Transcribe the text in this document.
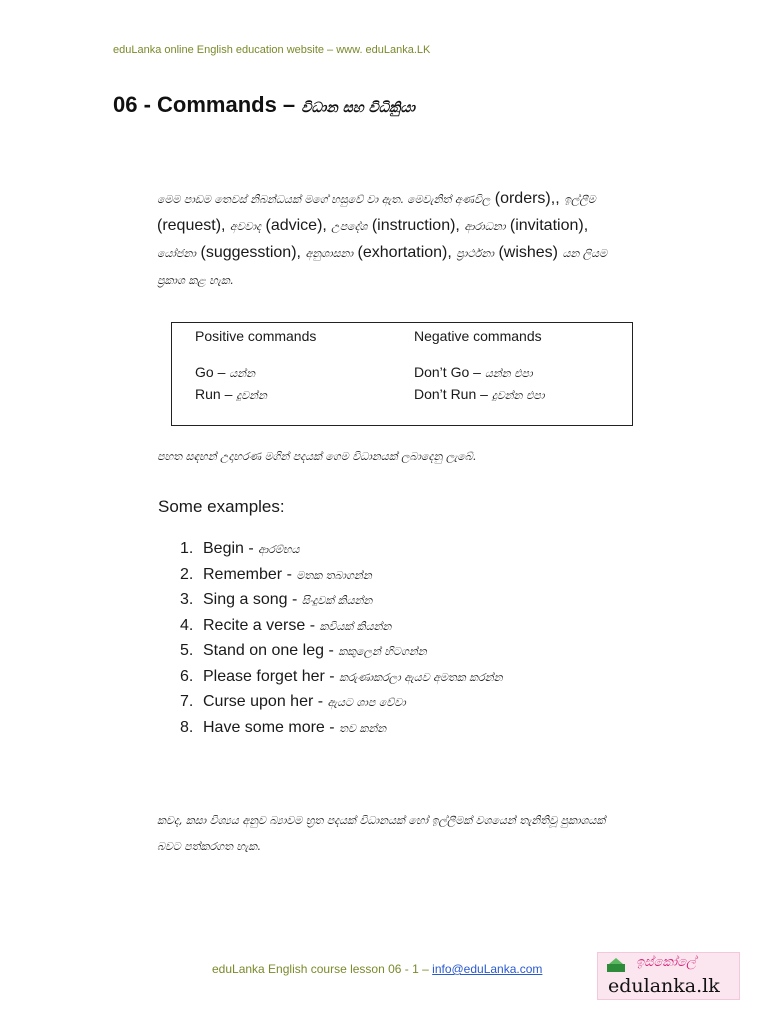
eduLanka online English education website – www. eduLanka.LK
06 - Commands – විධාන සහ විධිකිුයා
මෙම පාඩම තෙවස් නිබන්ධයක් මගේ හසුවේ වා ඇත. මෙවැනිත් අණවිල (orders),, ඉල්ලීම
(request), අවවාද (advice), උපදේශ (instruction), ආරාධනා (invitation),
යෝජනා (suggesstion), අනුශාසනා (exhortation), ප්‍රාර්ථනා (wishes) යන ලියම
ප්‍රකාශ කළ හැක.
Positive commands
Go – යන්න
Run – දුවන්න
Negative commands
Don’t Go – යන්න එපා
Don’t Run – දුවන්න එපා
පහත සඳහන් උදාහරණ මගින් පදයක් ගෙම විධානයක් ලබාදෙනු ලැබේ.
Some examples:
1. Begin - ආරම්භය
2. Remember - මතක තබාගන්න
3. Sing a song - සිංදුවක් කියන්න
4. Recite a verse - කවියක් කියන්න
5. Stand on one leg - කකුලෙන් හිටගන්න
6. Please forget her - කරුණාකරලා ඇයව අමතක කරන්න
7. Curse upon her - ඇයට ශාප වේවා
8. Have some more - තව කන්න
කවද, කසා විශ්‍යය අනුව බ්‍යාවම භ්‍රත පදයක් විධානයක් හෝ ඉල්ලීමක් වශයෙන් තැනිතිවූ පුකාශයක්
බවට පත්කරගත හැක.
eduLanka English course lesson 06 - 1 – info@eduLanka.com	ඉස්කෝලේ
edulanka.lk
